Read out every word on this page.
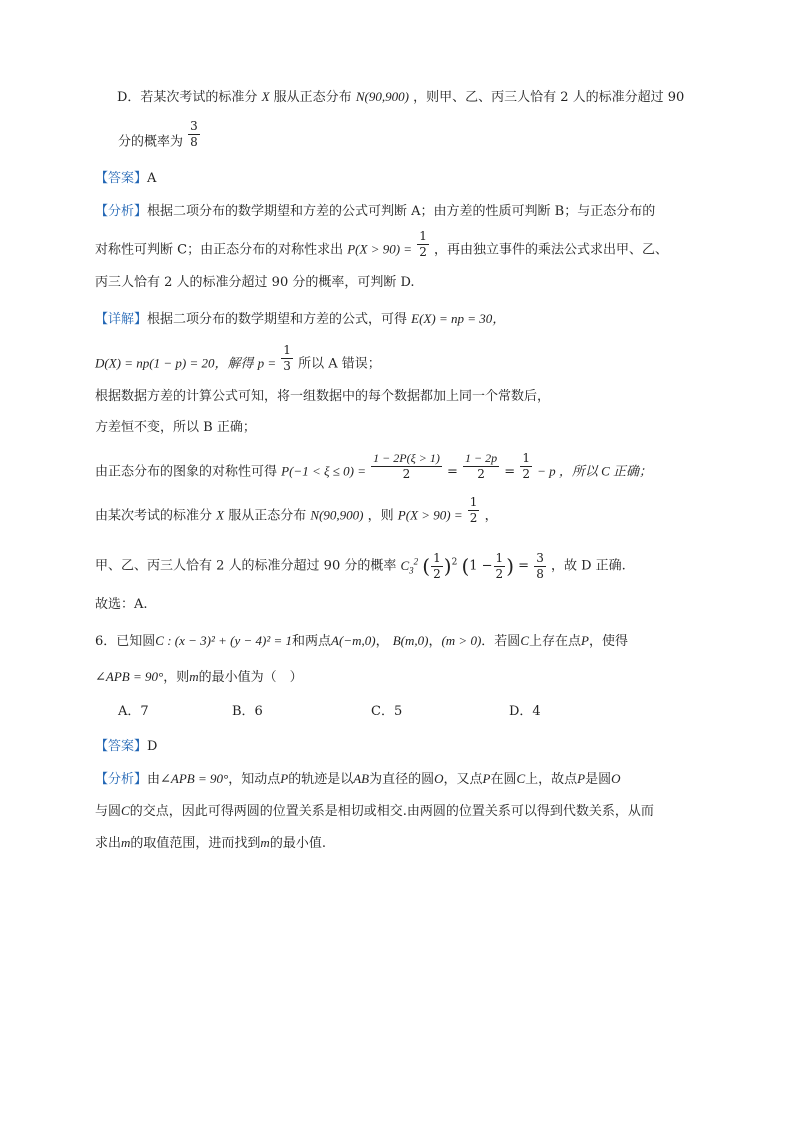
D．若某次考试的标准分 X 服从正态分布 N(90,900) ，则甲、乙、丙三人恰有 2 人的标准分超过 90
分的概率为 $\frac{3}{8}$
【答案】A
【分析】根据二项分布的数学期望和方差的公式可判断 A；由方差的性质可判断 B；与正态分布的
对称性可判断 C；由正态分布的对称性求出 $P(X > 90) = \frac{1}{2}$ ，再由独立事件的乘法公式求出甲、乙、
丙三人恰有 2 人的标准分超过 90 分的概率，可判断 D.
【详解】根据二项分布的数学期望和方差的公式，可得 E(X) = np = 30，
D(X) = np(1 − p) = 20，解得 $p = \frac{1}{3}$ 所以 A 错误；
根据数据方差的计算公式可知，将一组数据中的每个数据都加上同一个常数后，
方差恒不变，所以 B 正确；
由正态分布的图象的对称性可得 $P(-1 < \xi \le 0) = \frac{1 - 2P(\xi > 1)}{2} = \frac{1 - 2p}{2} = \frac{1}{2} - p$ ，所以 C 正确；
由某次考试的标准分 X 服从正态分布 N(90,900) ，则 $P(X > 90) = \frac{1}{2}$ ，
甲、乙、丙三人恰有 2 人的标准分超过 90 分的概率 $C_3^2$ ( $\frac{1}{2} )^2$ ($1 - \frac{1}{2}$ ) = $\frac{3}{8}$ ，故 D 正确.
故选：A.
6．已知圆C : (x − 3)² + (y − 4)² = 1和两点A(−m,0)， B(m,0)，(m > 0)．若圆C上存在点P，使得
∠APB = 90°，则m的最小值为（　）
A．7	B．6	C．5	D．4
【答案】D
【分析】由∠APB = 90°，知动点P的轨迹是以AB为直径的圆O，又点P在圆C上，故点P是圆O
与圆C的交点，因此可得两圆的位置关系是相切或相交.由两圆的位置关系可以得到代数关系，从而
求出m的取值范围，进而找到m的最小值.
